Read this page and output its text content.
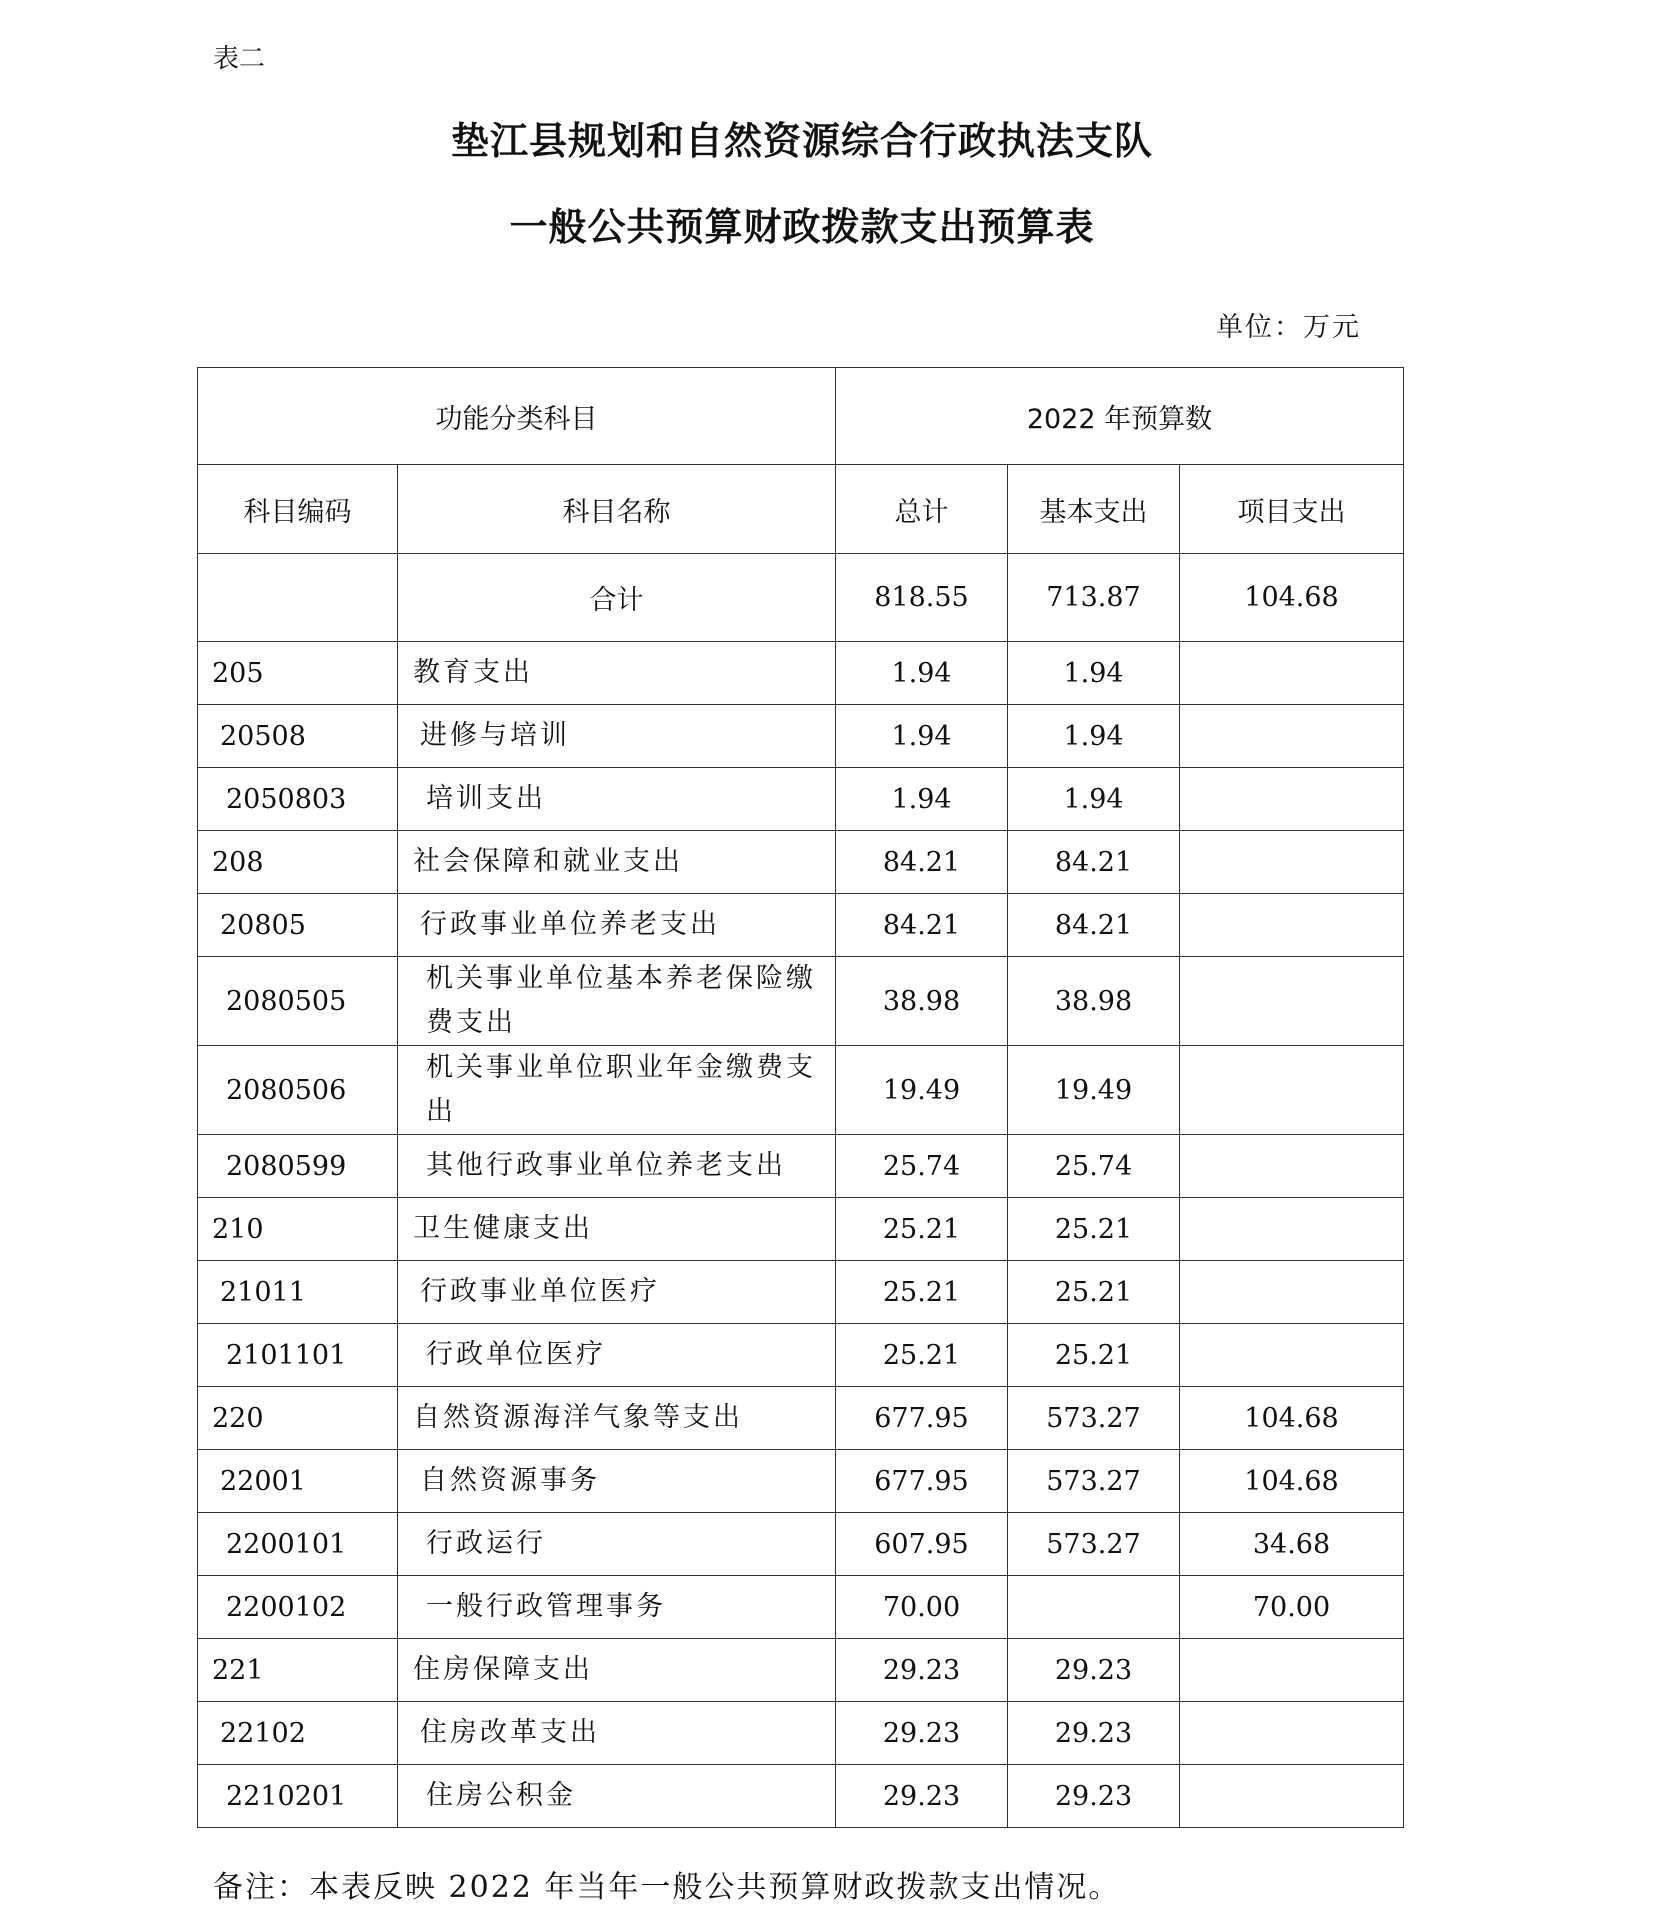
表二
垫江县规划和自然资源综合行政执法支队
一般公共预算财政拨款支出预算表
单位：万元
功能分类科目		2022 年预算数		
科目编码	科目名称	总计	基本支出	项目支出
	合计	818.55	713.87	104.68
205	教育支出	1.94	1.94	
20508	进修与培训	1.94	1.94	
2050803	培训支出	1.94	1.94	
208	社会保障和就业支出	84.21	84.21	
20805	行政事业单位养老支出	84.21	84.21	
2080505	机关事业单位基本养老保险缴费支出	38.98	38.98	
2080506	机关事业单位职业年金缴费支出	19.49	19.49	
2080599	其他行政事业单位养老支出	25.74	25.74	
210	卫生健康支出	25.21	25.21	
21011	行政事业单位医疗	25.21	25.21	
2101101	行政单位医疗	25.21	25.21	
220	自然资源海洋气象等支出	677.95	573.27	104.68
22001	自然资源事务	677.95	573.27	104.68
2200101	行政运行	607.95	573.27	34.68
2200102	一般行政管理事务	70.00		70.00
221	住房保障支出	29.23	29.23	
22102	住房改革支出	29.23	29.23	
2210201	住房公积金	29.23	29.23	
备注：本表反映 2022 年当年一般公共预算财政拨款支出情况。
